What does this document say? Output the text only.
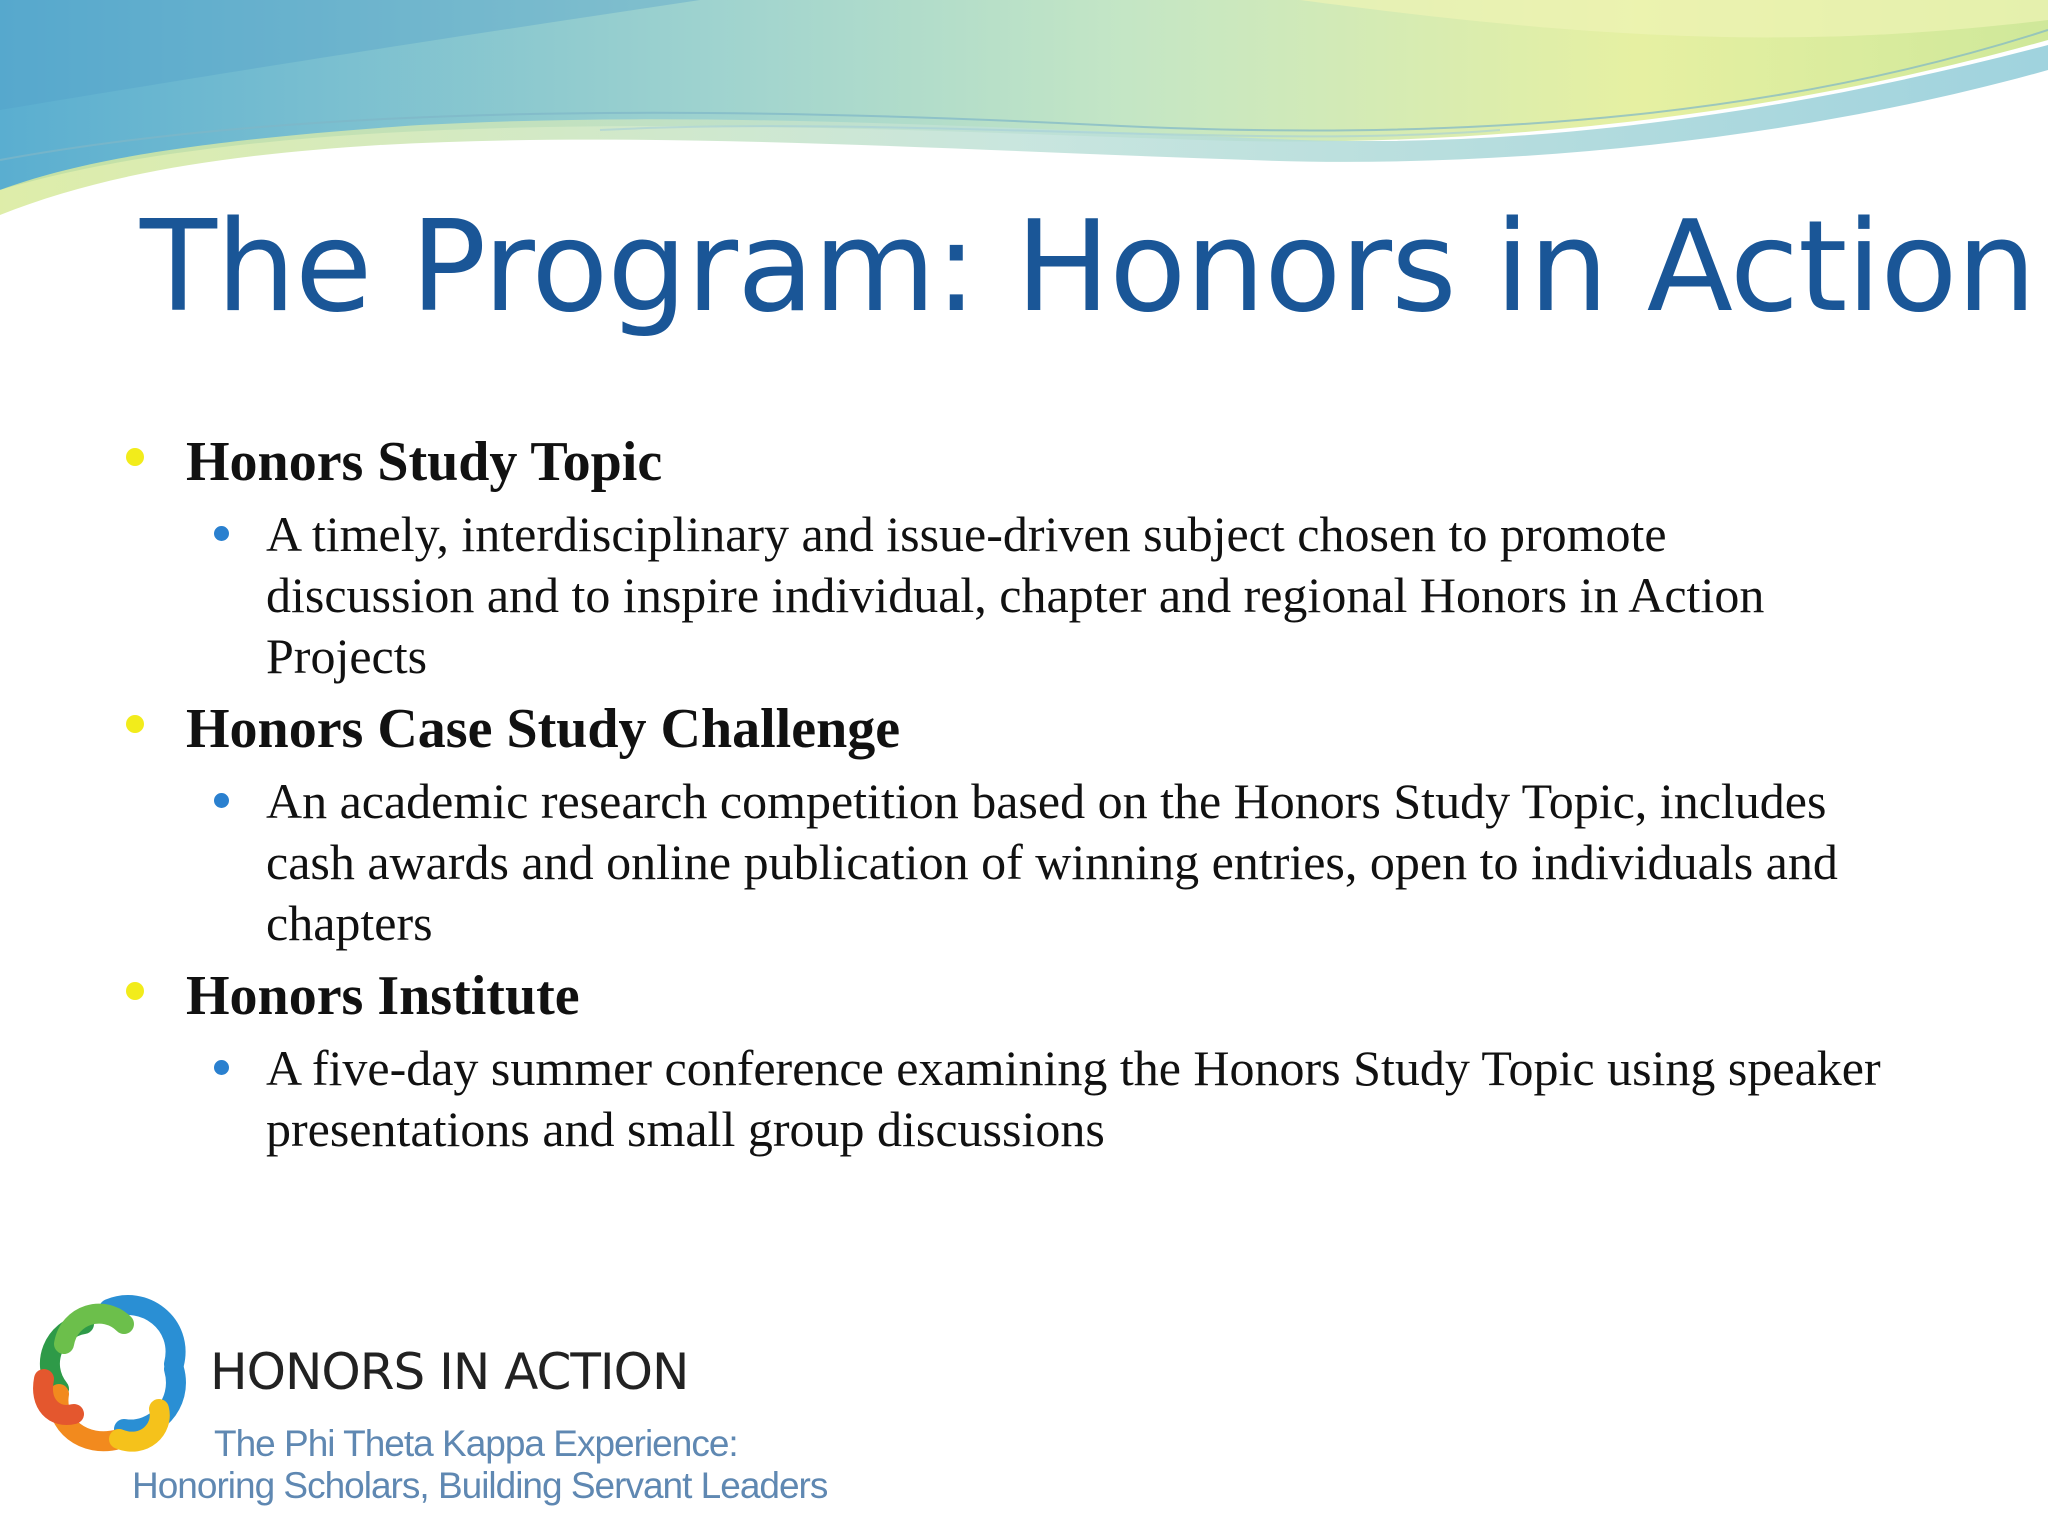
The Program: Honors in Action

Honors Study Topic

A timely, interdisciplinary and issue-driven subject chosen to promote discussion and to inspire individual, chapter and regional Honors in Action Projects

Honors Case Study Challenge

An academic research competition based on the Honors Study Topic, includes cash awards and online publication of winning entries, open to individuals and chapters

Honors Institute

A five-day summer conference examining the Honors Study Topic using speaker presentations and small group discussions
HONORS IN ACTION
The Phi Theta Kappa Experience:
Honoring Scholars, Building Servant Leaders
